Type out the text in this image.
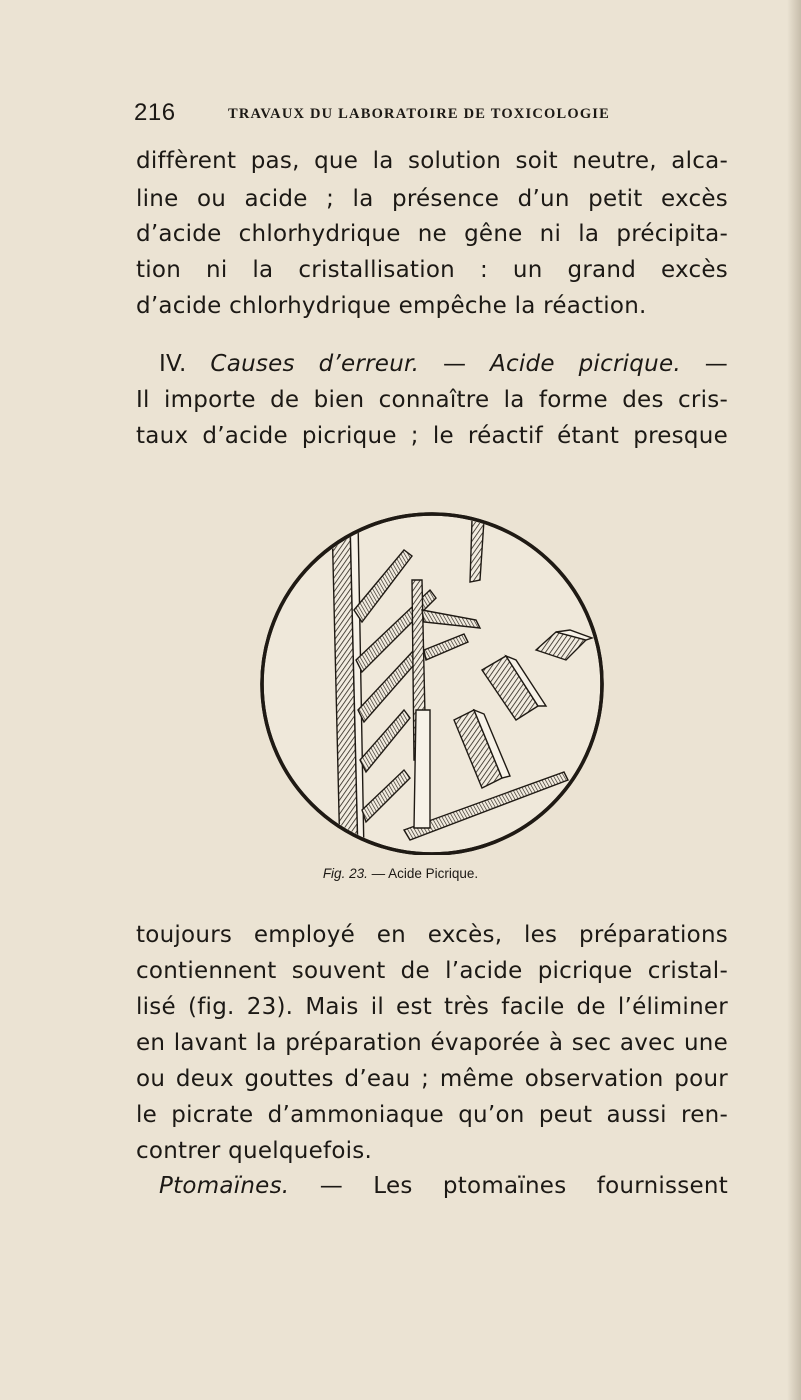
216	TRAVAUX DU LABORATOIRE DE TOXICOLOGIE
diffèrent pas, que la solution soit neutre, alca-
line ou acide ; la présence d’un petit excès
d’acide chlorhydrique ne gêne ni la précipita-
tion ni la cristallisation : un grand excès
d’acide chlorhydrique empêche la réaction.
IV. Causes d’erreur. — Acide picrique. —
Il importe de bien connaître la forme des cris-
taux d’acide picrique ; le réactif étant presque
Fig. 23. — Acide Picrique.
toujours employé en excès, les préparations
contiennent souvent de l’acide picrique cristal-
lisé (fig. 23). Mais il est très facile de l’éliminer
en lavant la préparation évaporée à sec avec une
ou deux gouttes d’eau ; même observation pour
le picrate d’ammoniaque qu’on peut aussi ren-
contrer quelquefois.
Ptomaïnes. — Les ptomaïnes fournissent
